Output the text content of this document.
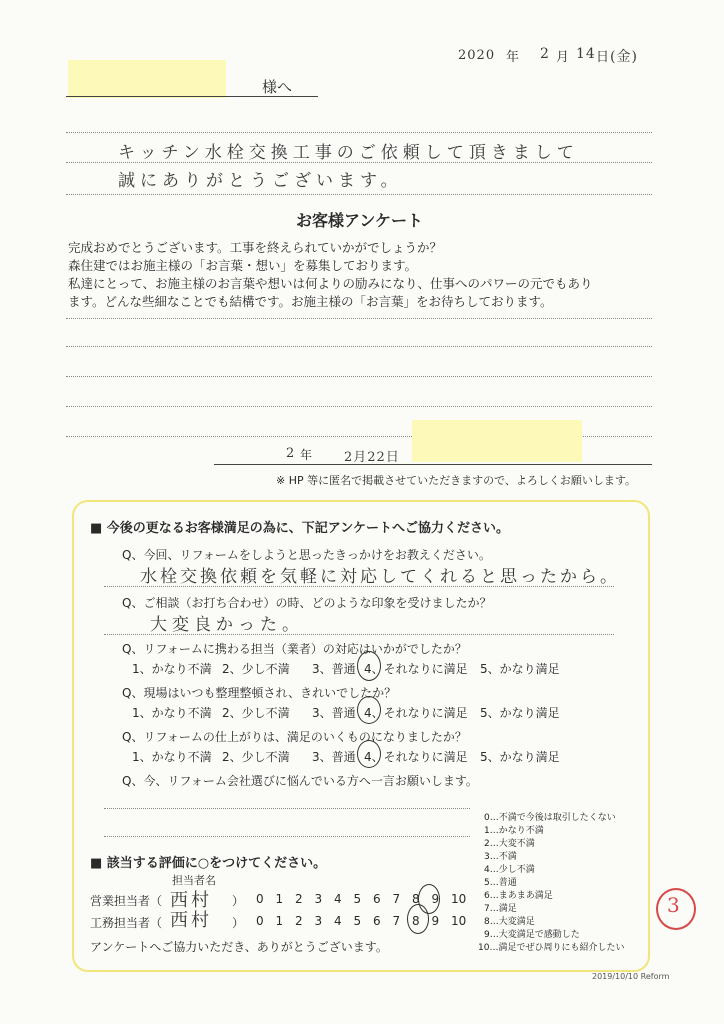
2020 年 2 月 14 日 (金)
様へ
キッチン水栓交換工事のご依頼して頂きまして
誠にありがとうございます。
お客様アンケート
完成おめでとうございます。工事を終えられていかがでしょうか？
森住建ではお施主様の「お言葉・想い」を募集しております。
私達にとって、お施主様のお言葉や想いは何よりの励みになり、仕事へのパワーの元でもあり
ます。どんな些細なことでも結構です。お施主様の「お言葉」をお待ちしております。
2 年 2月22日
※ HP 等に匿名で掲載させていただきますので、よろしくお願いします。
■ 今後の更なるお客様満足の為に、下記アンケートへご協力ください。
Q、今回、リフォームをしようと思ったきっかけをお教えください。
水栓交換依頼を気軽に対応してくれると思ったから。
Q、ご相談（お打ち合わせ）の時、どのような印象を受けましたか？
大変良かった。
Q、リフォームに携わる担当（業者）の対応はいかがでしたか？
1、かなり不満 2、少し不満 3、普通 4、それなりに満足 5、かなり満足
Q、現場はいつも整理整頓され、きれいでしたか？
1、かなり不満 2、少し不満 3、普通 4、それなりに満足 5、かなり満足
Q、リフォームの仕上がりは、満足のいくものになりましたか？
1、かなり不満 2、少し不満 3、普通 4、それなりに満足 5、かなり満足
Q、今、リフォーム会社選びに悩んでいる方へ一言お願いします。
■ 該当する評価に○をつけてください。
担当者名
営業担当者（ 西村 ） 0 1 2 3 4 5 6 7 8 9 10
工務担当者（ 西村 ） 0 1 2 3 4 5 6 7 8 9 10
アンケートへご協力いただき、ありがとうございます。
0…不満で今後は取引したくない
1…かなり不満
2…大変不満
3…不満
4…少し不満
5…普通
6…まあまあ満足
7…満足
8…大変満足
9…大変満足で感動した
10…満足でぜひ周りにも紹介したい
3
2019/10/10 Reform
